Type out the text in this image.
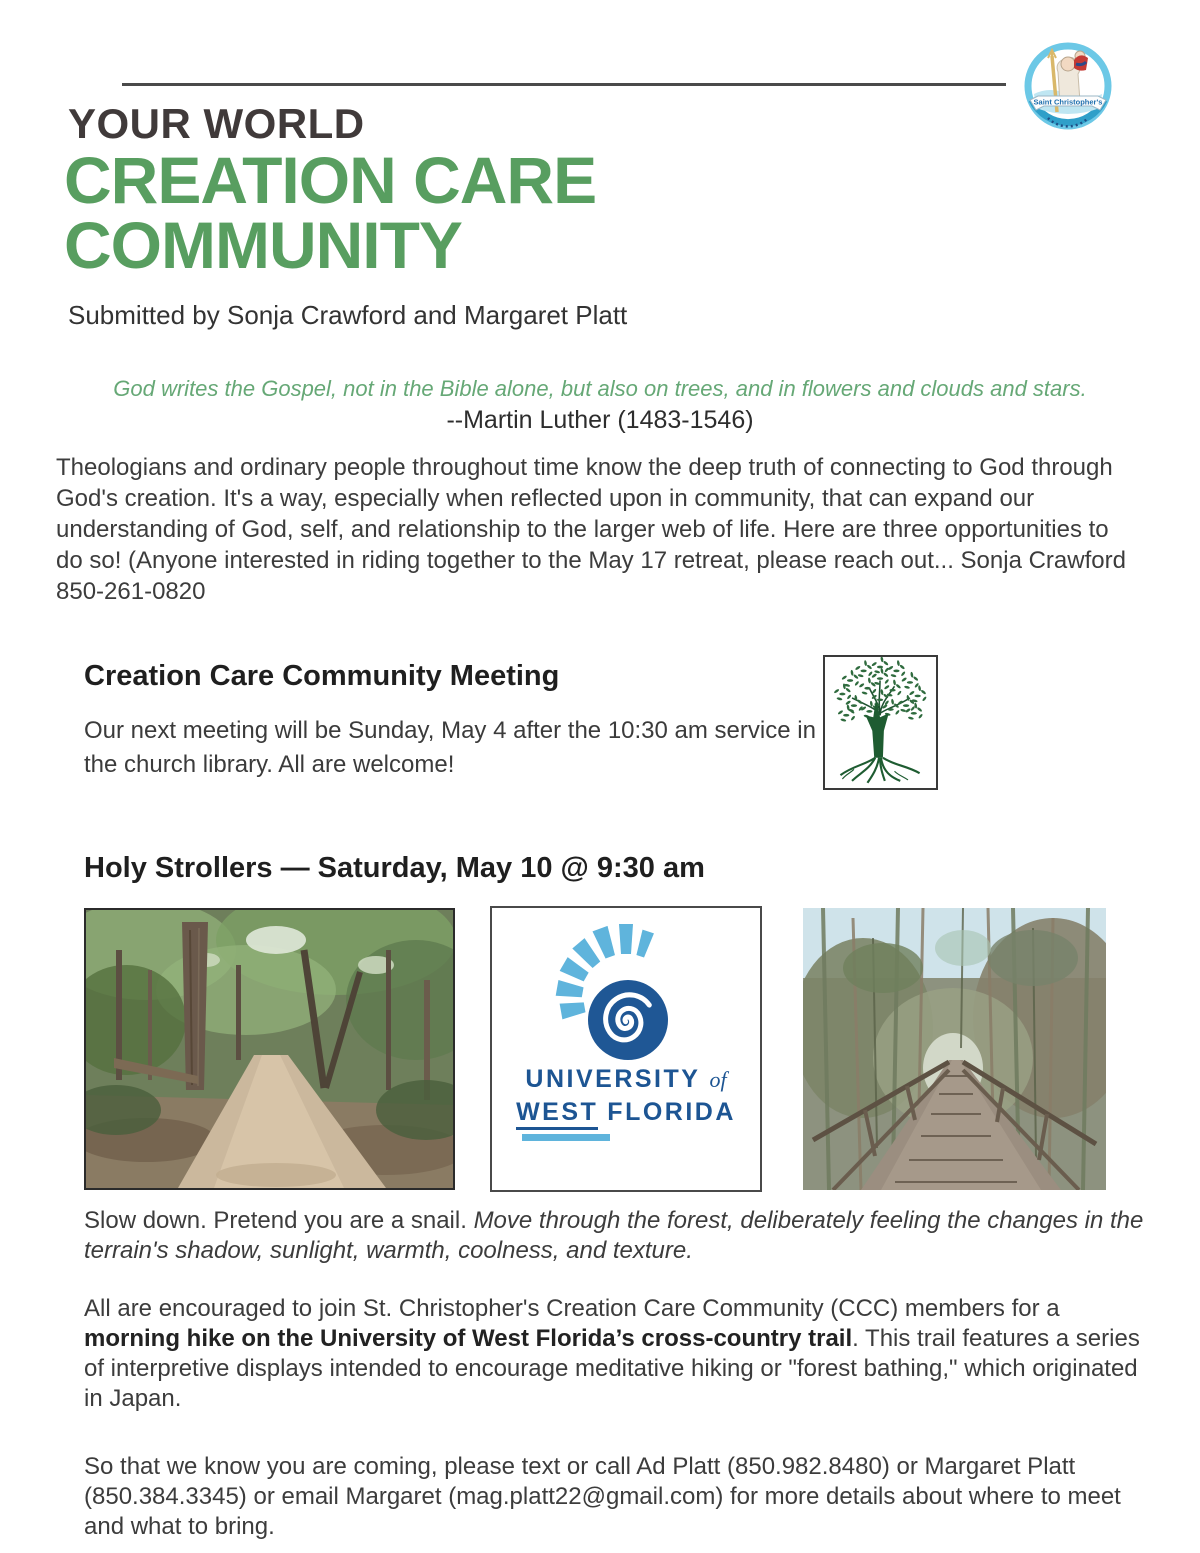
Saint Christopher's
YOUR WORLD
CREATION CARE
COMMUNITY
Submitted by Sonja Crawford and Margaret Platt
God writes the Gospel, not in the Bible alone, but also on trees, and in flowers and clouds and stars.
--Martin Luther (1483-1546)

Theologians and ordinary people throughout time know the deep truth of connecting to God through God's creation. It's a way, especially when reflected upon in community, that can expand our understanding of God, self, and relationship to the larger web of life. Here are three opportunities to do so! (Anyone interested in riding together to the May 17 retreat, please reach out... Sonja Crawford 850-261-0820

Creation Care Community Meeting

Our next meeting will be Sunday, May 4 after the 10:30 am service in the church library. All are welcome!

Holy Strollers — Saturday, May 10 @ 9:30 am
UNIVERSITY of
WEST FLORIDA

Slow down. Pretend you are a snail. Move through the forest, deliberately feeling the changes in the terrain's shadow, sunlight, warmth, coolness, and texture.

All are encouraged to join St. Christopher's Creation Care Community (CCC) members for a morning hike on the University of West Florida’s cross-country trail. This trail features a series of interpretive displays intended to encourage meditative hiking or "forest bathing," which originated in Japan.

So that we know you are coming, please text or call Ad Platt (850.982.8480) or Margaret Platt (850.384.3345) or email Margaret (mag.platt22@gmail.com) for more details about where to meet and what to bring.
